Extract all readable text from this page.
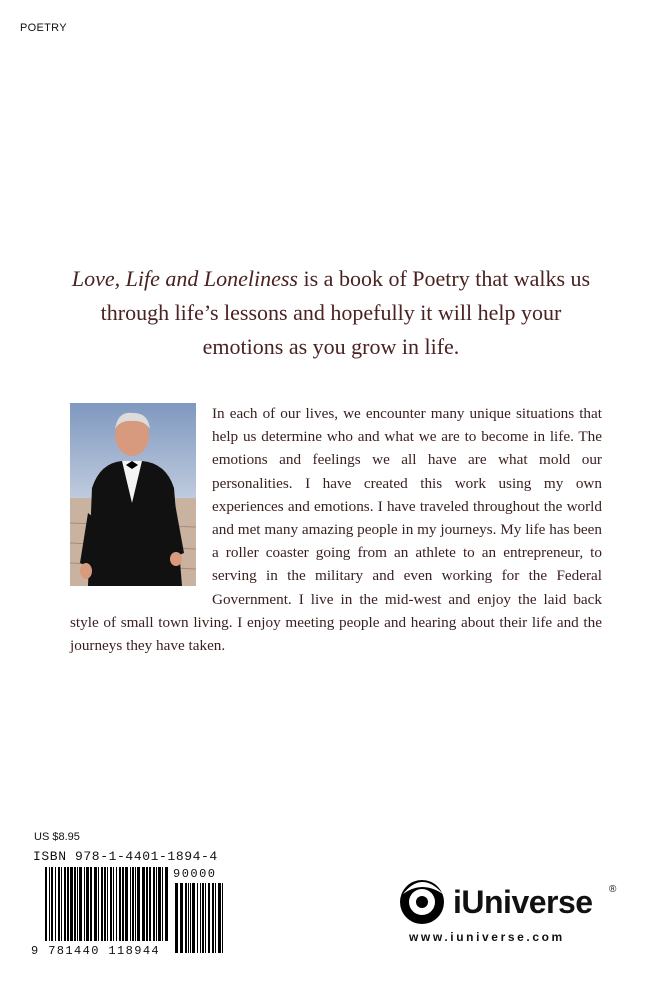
POETRY
Love, Life and Loneliness is a book of Poetry that walks us through life’s lessons and hopefully it will help your emotions as you grow in life.
In each of our lives, we encounter many unique situations that help us determine who and what we are to become in life. The emotions and feelings we all have are what mold our personalities. I have created this work using my own experiences and emotions. I have traveled throughout the world and met many amazing people in my journeys. My life has been a roller coaster going from an athlete to an entrepreneur, to serving in the military and even working for the Federal Government. I live in the mid-west and enjoy the laid back style of small town living. I enjoy meeting people and hearing about their life and the journeys they have taken.
US $8.95
ISBN 978-1-4401-1894-4
90000
9 781440 118944
iUniverse ®
www.iuniverse.com
